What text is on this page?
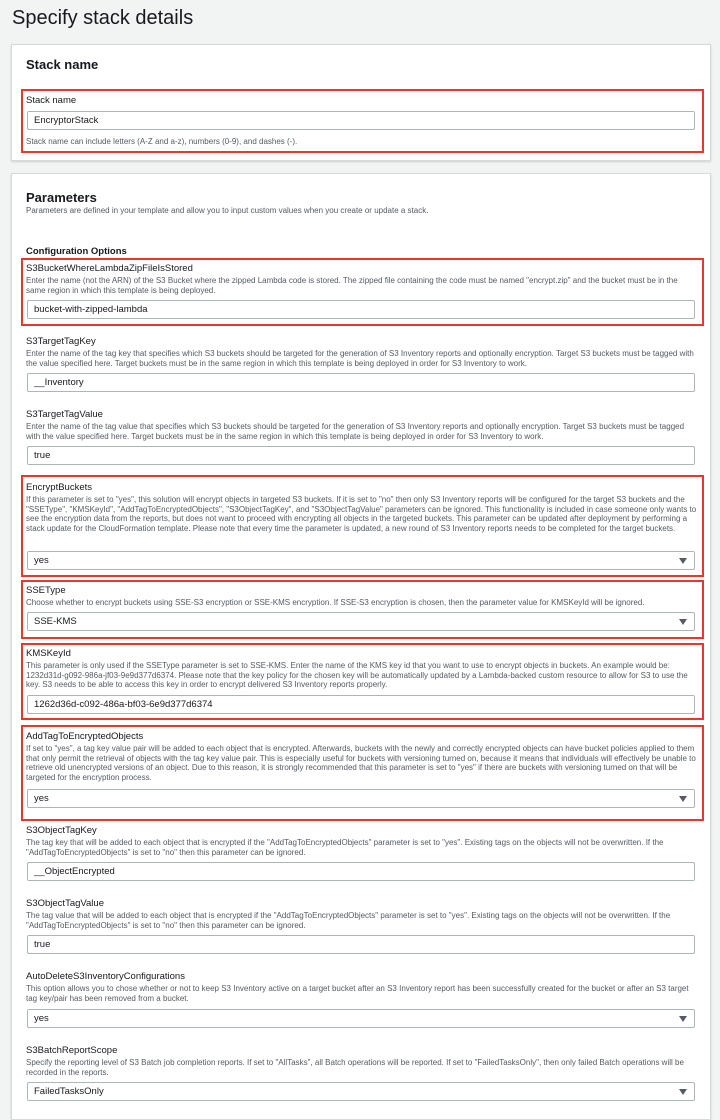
Specify stack details
Stack name
Stack name
EncryptorStack
Stack name can include letters (A-Z and a-z), numbers (0-9), and dashes (-).
Parameters
Parameters are defined in your template and allow you to input custom values when you create or update a stack.
Configuration Options
S3BucketWhereLambdaZipFileIsStored
Enter the name (not the ARN) of the S3 Bucket where the zipped Lambda code is stored. The zipped file containing the code must be named "encrypt.zip" and the bucket must be in the same region in which this template is being deployed.
bucket-with-zipped-lambda
S3TargetTagKey
Enter the name of the tag key that specifies which S3 buckets should be targeted for the generation of S3 Inventory reports and optionally encryption. Target S3 buckets must be tagged with the value specified here. Target buckets must be in the same region in which this template is being deployed in order for S3 Inventory to work.
__Inventory
S3TargetTagValue
Enter the name of the tag value that specifies which S3 buckets should be targeted for the generation of S3 Inventory reports and optionally encryption. Target S3 buckets must be tagged with the value specified here. Target buckets must be in the same region in which this template is being deployed in order for S3 Inventory to work.
true
EncryptBuckets
If this parameter is set to "yes", this solution will encrypt objects in targeted S3 buckets. If it is set to "no" then only S3 Inventory reports will be configured for the target S3 buckets and the "SSEType", "KMSKeyId", "AddTagToEncryptedObjects", "S3ObjectTagKey", and "S3ObjectTagValue" parameters can be ignored. This functionality is included in case someone only wants to see the encryption data from the reports, but does not want to proceed with encrypting all objects in the targeted buckets. This parameter can be updated after deployment by performing a stack update for the CloudFormation template. Please note that every time the parameter is updated, a new round of S3 Inventory reports needs to be completed for the target buckets.
yes
SSEType
Choose whether to encrypt buckets using SSE-S3 encryption or SSE-KMS encryption. If SSE-S3 encryption is chosen, then the parameter value for KMSKeyId will be ignored.
SSE-KMS
KMSKeyId
This parameter is only used if the SSEType parameter is set to SSE-KMS. Enter the name of the KMS key id that you want to use to encrypt objects in buckets. An example would be: 1232d31d-g092-986a-jf03-9e9d377d6374. Please note that the key policy for the chosen key will be automatically updated by a Lambda-backed custom resource to allow for S3 to use the key. S3 needs to be able to access this key in order to encrypt delivered S3 Inventory reports properly.
1262d36d-c092-486a-bf03-6e9d377d6374
AddTagToEncryptedObjects
If set to "yes", a tag key value pair will be added to each object that is encrypted. Afterwards, buckets with the newly and correctly encrypted objects can have bucket policies applied to them that only permit the retrieval of objects with the tag key value pair. This is especially useful for buckets with versioning turned on, because it means that individuals will effectively be unable to retrieve old unencrypted versions of an object. Due to this reason, it is strongly recommended that this parameter is set to "yes" if there are buckets with versioning turned on that will be targeted for the encryption process.
yes
S3ObjectTagKey
The tag key that will be added to each object that is encrypted if the "AddTagToEncryptedObjects" parameter is set to "yes". Existing tags on the objects will not be overwritten. If the "AddTagToEncryptedObjects" is set to "no" then this parameter can be ignored.
__ObjectEncrypted
S3ObjectTagValue
The tag value that will be added to each object that is encrypted if the "AddTagToEncryptedObjects" parameter is set to "yes". Existing tags on the objects will not be overwritten. If the "AddTagToEncryptedObjects" is set to "no" then this parameter can be ignored.
true
AutoDeleteS3InventoryConfigurations
This option allows you to chose whether or not to keep S3 Inventory active on a target bucket after an S3 Inventory report has been successfully created for the bucket or after an S3 target tag key/pair has been removed from a bucket.
yes
S3BatchReportScope
Specify the reporting level of S3 Batch job completion reports. If set to "AllTasks", all Batch operations will be reported. If set to "FailedTasksOnly", then only failed Batch operations will be recorded in the reports.
FailedTasksOnly
